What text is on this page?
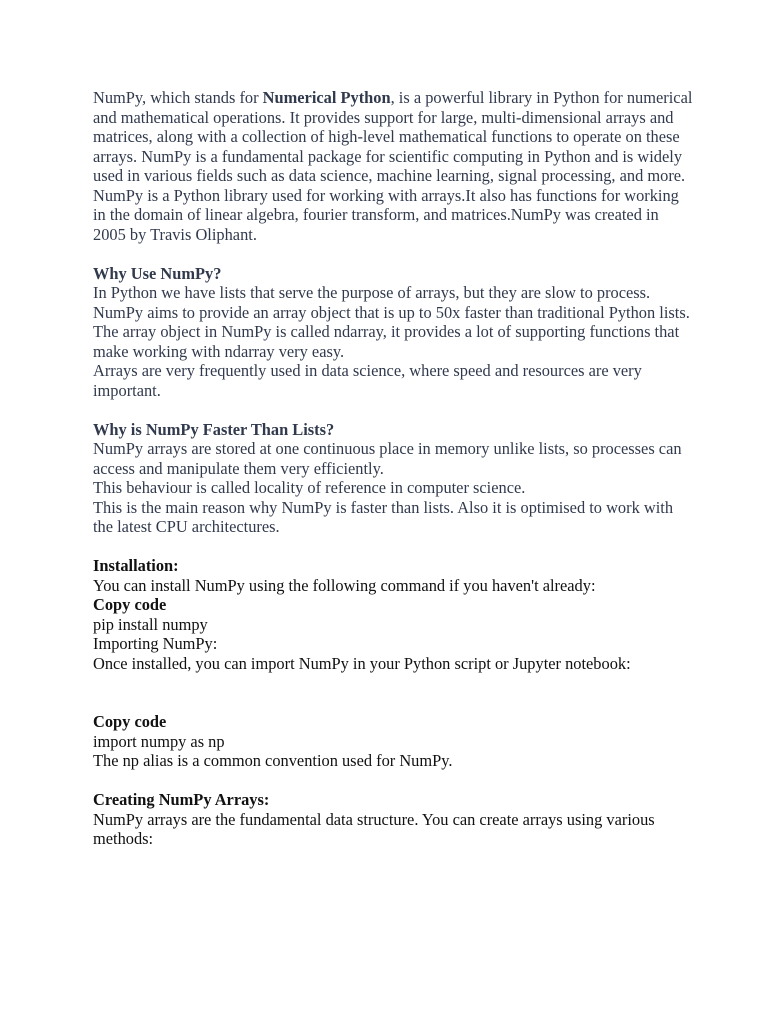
NumPy, which stands for Numerical Python, is a powerful library in Python for numerical and mathematical operations. It provides support for large, multi-dimensional arrays and matrices, along with a collection of high-level mathematical functions to operate on these arrays. NumPy is a fundamental package for scientific computing in Python and is widely used in various fields such as data science, machine learning, signal processing, and more.

NumPy is a Python library used for working with arrays.It also has functions for working in the domain of linear algebra, fourier transform, and matrices.NumPy was created in 2005 by Travis Oliphant.

Why Use NumPy?

In Python we have lists that serve the purpose of arrays, but they are slow to process.

NumPy aims to provide an array object that is up to 50x faster than traditional Python lists.

The array object in NumPy is called ndarray, it provides a lot of supporting functions that make working with ndarray very easy.

Arrays are very frequently used in data science, where speed and resources are very important.

Why is NumPy Faster Than Lists?

NumPy arrays are stored at one continuous place in memory unlike lists, so processes can access and manipulate them very efficiently.

This behaviour is called locality of reference in computer science.

This is the main reason why NumPy is faster than lists. Also it is optimised to work with the latest CPU architectures.

Installation:

You can install NumPy using the following command if you haven't already:

Copy code

pip install numpy

Importing NumPy:

Once installed, you can import NumPy in your Python script or Jupyter notebook:

Copy code

import numpy as np

The np alias is a common convention used for NumPy.

Creating NumPy Arrays:

NumPy arrays are the fundamental data structure. You can create arrays using various methods:
